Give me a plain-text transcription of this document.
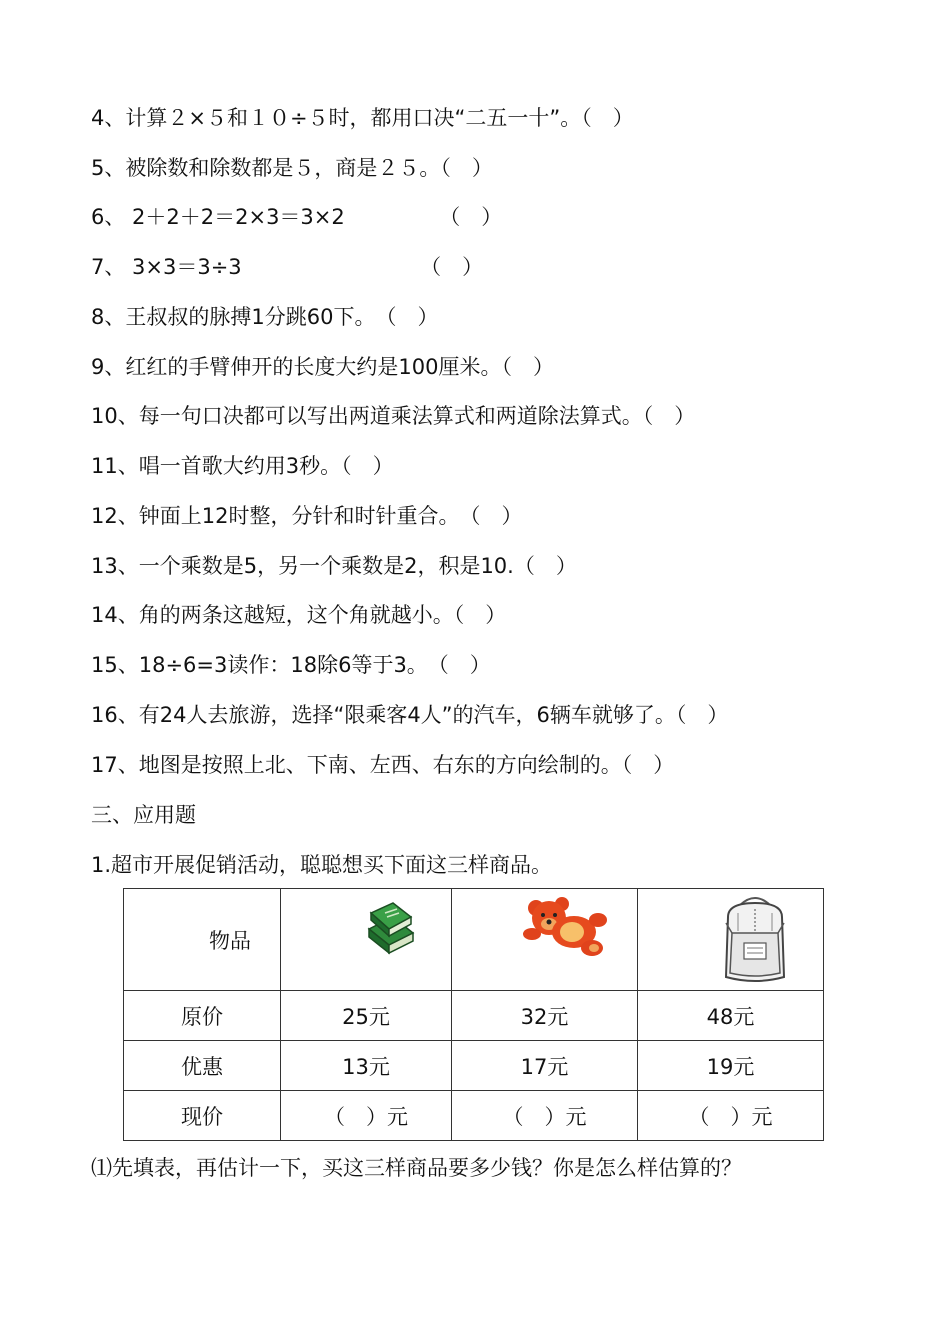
4、计算２×５和１０÷５时，都用口决“二五一十”。（　）
5、被除数和除数都是５，商是２５。（　）
6、 2＋2＋2＝2×3＝3×2　　　　　（　）
7、 3×3＝3÷3　　　　　　　　　（　）
8、王叔叔的脉搏1分跳60下。　（　）
9、红红的手臂伸开的长度大约是100厘米。（　）
10、每一句口决都可以写出两道乘法算式和两道除法算式。（　）
11、唱一首歌大约用3秒。（　）
12、钟面上12时整，分针和时针重合。　（　）
13、一个乘数是5，另一个乘数是2，积是10.（　）
14、角的两条这越短，这个角就越小。（　）
15、18÷6=3读作：18除6等于3。　（　）
16、有24人去旅游，选择“限乘客4人”的汽车，6辆车就够了。（　）
17、地图是按照上北、下南、左西、右东的方向绘制的。（　）
三、应用题
1.超市开展促销活动，聪聪想买下面这三样商品。
物品			
原价	25元	32元	48元
优惠	13元	17元	19元
现价	（　）元	（　）元	（　）元
⑴先填表，再估计一下，买这三样商品要多少钱？你是怎么样估算的？
